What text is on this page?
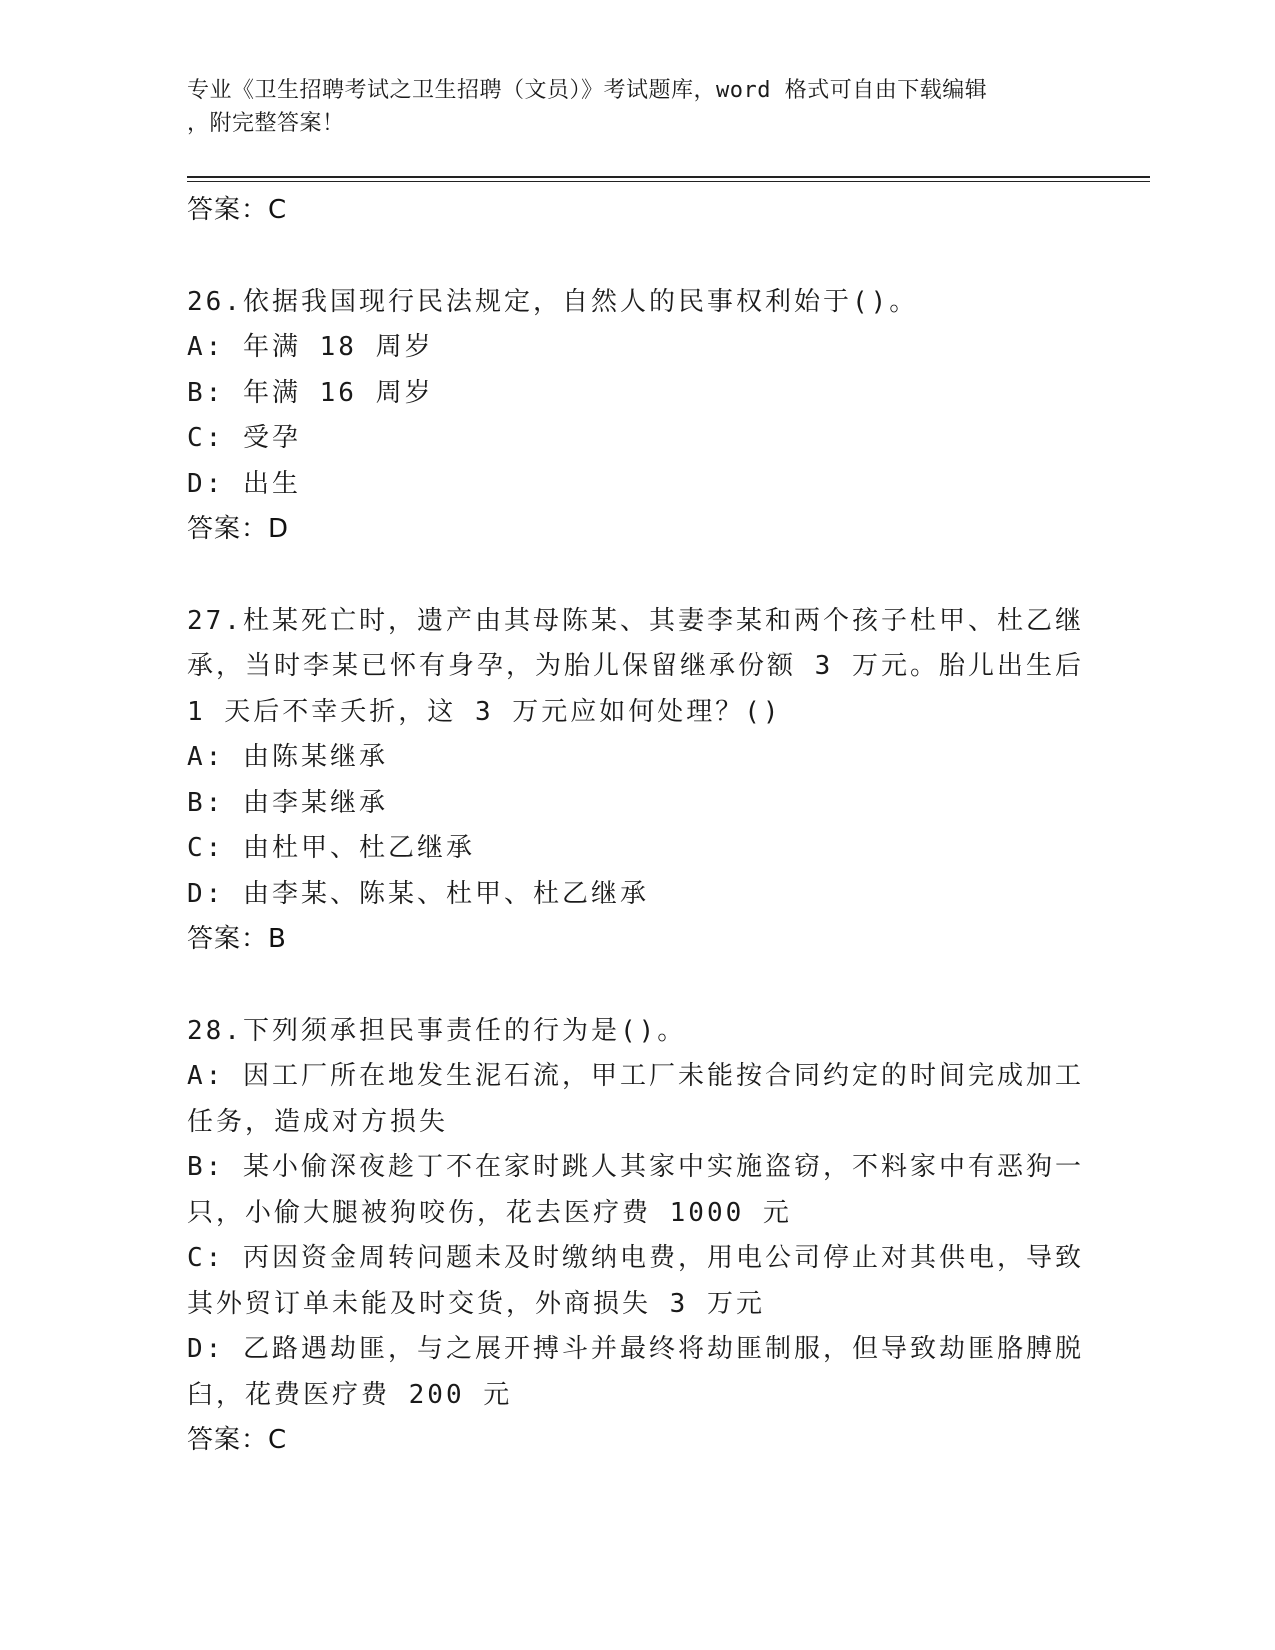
专业《卫生招聘考试之卫生招聘（文员）》考试题库，word 格式可自由下载编辑
，附完整答案！
答案：C
26.依据我国现行民法规定，自然人的民事权利始于()。
A: 年满 18 周岁
B: 年满 16 周岁
C: 受孕
D: 出生
答案：D
27.杜某死亡时，遗产由其母陈某、其妻李某和两个孩子杜甲、杜乙继
承，当时李某已怀有身孕，为胎儿保留继承份额 3 万元。胎儿出生后
1 天后不幸夭折，这 3 万元应如何处理？()
A: 由陈某继承
B: 由李某继承
C: 由杜甲、杜乙继承
D: 由李某、陈某、杜甲、杜乙继承
答案：B
28.下列须承担民事责任的行为是()。
A: 因工厂所在地发生泥石流，甲工厂未能按合同约定的时间完成加工
任务，造成对方损失
B: 某小偷深夜趁丁不在家时跳人其家中实施盗窃，不料家中有恶狗一
只，小偷大腿被狗咬伤，花去医疗费 1000 元
C: 丙因资金周转问题未及时缴纳电费，用电公司停止对其供电，导致
其外贸订单未能及时交货，外商损失 3 万元
D: 乙路遇劫匪，与之展开搏斗并最终将劫匪制服，但导致劫匪胳膊脱
臼，花费医疗费 200 元
答案：C
